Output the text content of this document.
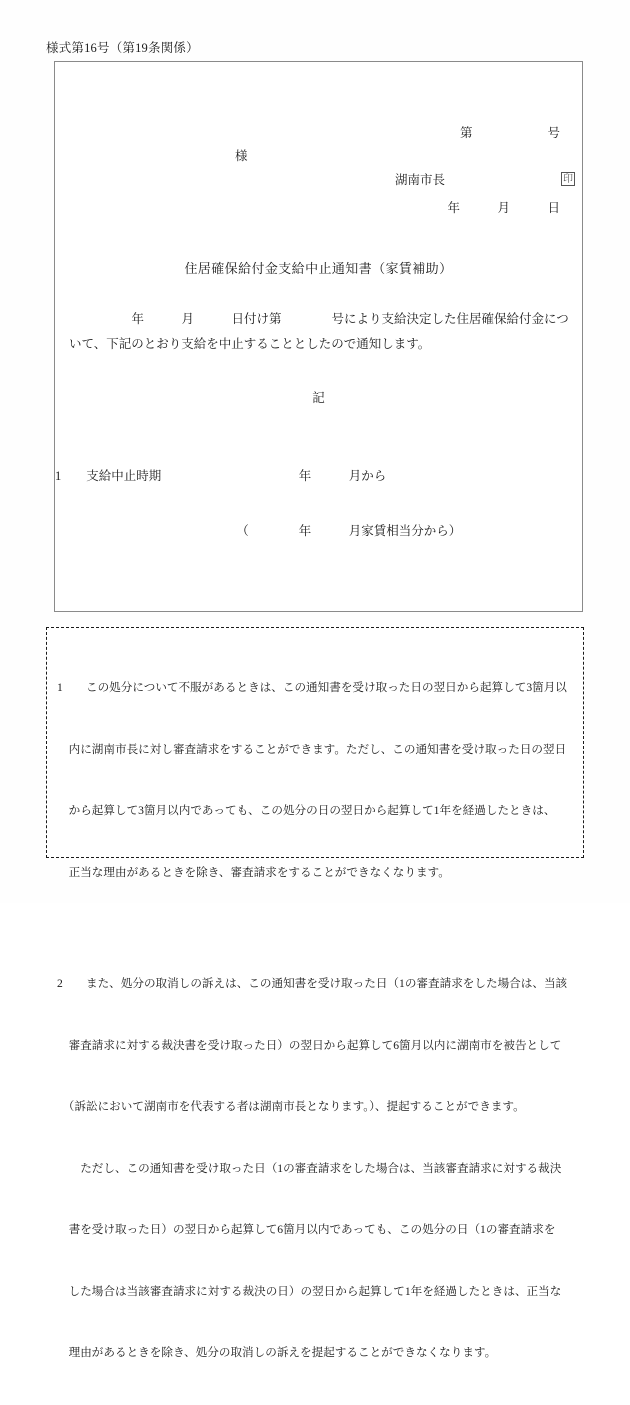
様式第16号（第19条関係）

第　　　　　　号

年　　　月　　　日

様
湖南市長	印
住居確保給付金支給中止通知書（家賃補助）
　　　　　年　　　月　　　日付け第　　　　号により支給決定した住居確保給付金につ
いて、下記のとおり支給を中止することとしたので通知します。
記

1　　支給中止時期　　　　　　　　　　　年　　　月から

　　　　　　　　　　　　　　　（　　　　年　　　月家賃相当分から）

1　　この処分について不服があるときは、この通知書を受け取った日の翌日から起算して3箇月以

　内に湖南市長に対し審査請求をすることができます。ただし、この通知書を受け取った日の翌日

　から起算して3箇月以内であっても、この処分の日の翌日から起算して1年を経過したときは、

　正当な理由があるときを除き、審査請求をすることができなくなります。

2　　また、処分の取消しの訴えは、この通知書を受け取った日（1の審査請求をした場合は、当該

　審査請求に対する裁決書を受け取った日）の翌日から起算して6箇月以内に湖南市を被告として

　（訴訟において湖南市を代表する者は湖南市長となります。）、提起することができます。

　　ただし、この通知書を受け取った日（1の審査請求をした場合は、当該審査請求に対する裁決

　書を受け取った日）の翌日から起算して6箇月以内であっても、この処分の日（1の審査請求を

　した場合は当該審査請求に対する裁決の日）の翌日から起算して1年を経過したときは、正当な

　理由があるときを除き、処分の取消しの訴えを提起することができなくなります。
